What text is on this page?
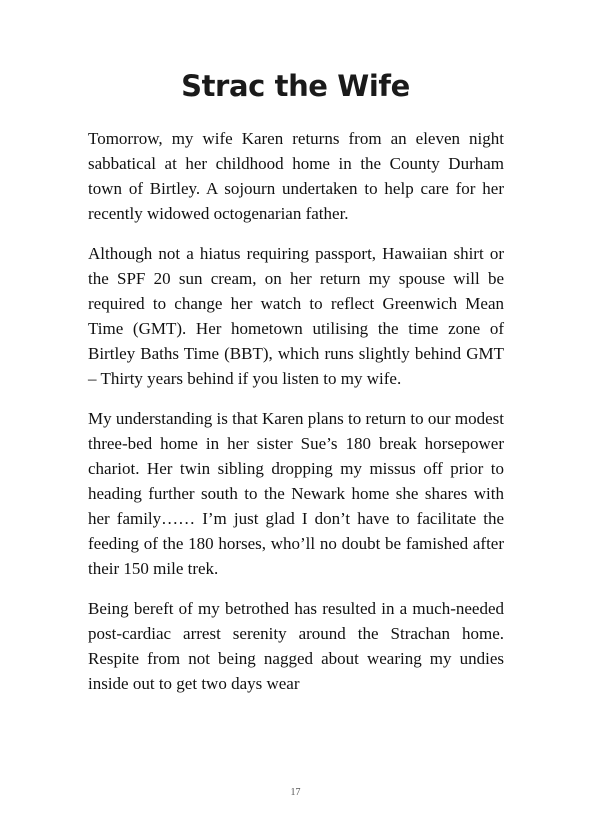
Strac the Wife

Tomorrow, my wife Karen returns from an eleven night sabbatical at her childhood home in the County Durham town of Birtley. A sojourn undertaken to help care for her recently widowed octogenarian father.

Although not a hiatus requiring passport, Hawaiian shirt or the SPF 20 sun cream, on her return my spouse will be required to change her watch to reflect Greenwich Mean Time (GMT). Her hometown utilising the time zone of Birtley Baths Time (BBT), which runs slightly behind GMT – Thirty years behind if you listen to my wife.

My understanding is that Karen plans to return to our modest three-bed home in her sister Sue’s 180 break horsepower chariot. Her twin sibling dropping my missus off prior to heading further south to the Newark home she shares with her family…… I’m just glad I don’t have to facilitate the feeding of the 180 horses, who’ll no doubt be famished after their 150 mile trek.

Being bereft of my betrothed has resulted in a much-needed post-cardiac arrest serenity around the Strachan home. Respite from not being nagged about wearing my undies inside out to get two days wear

17
